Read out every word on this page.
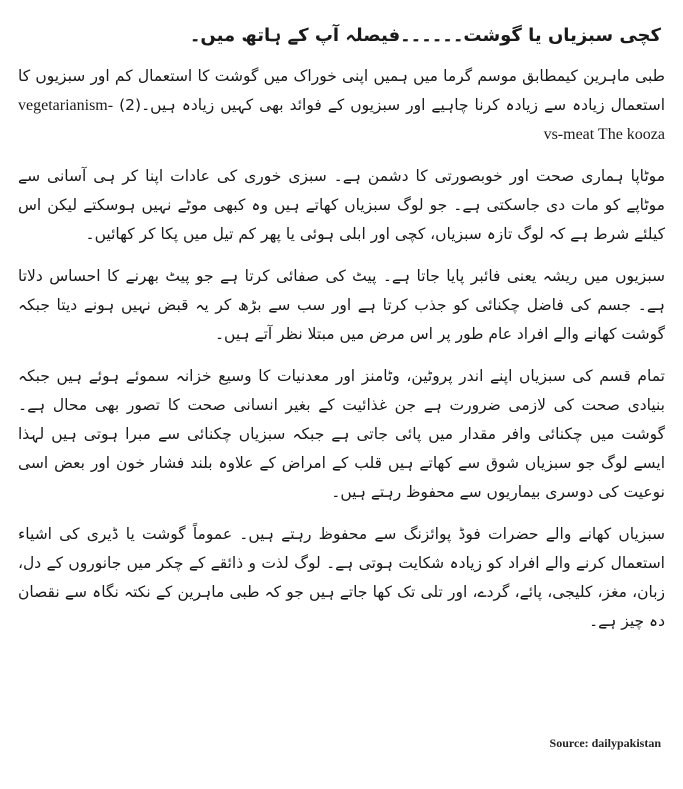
کچی سبزیاں یا گوشت۔۔۔۔۔۔فیصلہ آپ کے ہاتھ میں۔

طبی ماہرین کیمطابق موسم گرما میں ہمیں اپنی خوراک میں گوشت کا استعمال کم اور سبزیوں کا استعمال زیادہ سے زیادہ کرنا چاہیے اور سبزیوں کے فوائد بھی کہیں زیادہ ہیں۔(2) vegetarianism-vs-meat The kooza

موٹاپا ہماری صحت اور خوبصورتی کا دشمن ہے۔ سبزی خوری کی عادات اپنا کر ہی آسانی سے موٹاپے کو مات دی جاسکتی ہے۔ جو لوگ سبزیاں کھاتے ہیں وہ کبھی موٹے نہیں ہوسکتے لیکن اس کیلئے شرط ہے کہ لوگ تازہ سبزیاں، کچی اور ابلی ہوئی یا پھر کم تیل میں پکا کر کھائیں۔

سبزیوں میں ریشہ یعنی فائبر پایا جاتا ہے۔ پیٹ کی صفائی کرتا ہے جو پیٹ بھرنے کا احساس دلاتا ہے۔ جسم کی فاضل چکنائی کو جذب کرتا ہے اور سب سے بڑھ کر یہ قبض نہیں ہونے دیتا جبکہ گوشت کھانے والے افراد عام طور پر اس مرض میں مبتلا نظر آتے ہیں۔

تمام قسم کی سبزیاں اپنے اندر پروٹین، وٹامنز اور معدنیات کا وسیع خزانہ سموئے ہوئے ہیں جبکہ بنیادی صحت کی لازمی ضرورت ہے جن غذائیت کے بغیر انسانی صحت کا تصور بھی محال ہے۔ گوشت میں چکنائی وافر مقدار میں پائی جاتی ہے جبکہ سبزیاں چکنائی سے مبرا ہوتی ہیں لہذا ایسے لوگ جو سبزیاں شوق سے کھاتے ہیں قلب کے امراض کے علاوہ بلند فشار خون اور بعض اسی نوعیت کی دوسری بیماریوں سے محفوظ رہتے ہیں۔

سبزیاں کھانے والے حضرات فوڈ پوائزنگ سے محفوظ رہتے ہیں۔ عموماً گوشت یا ڈیری کی اشیاء استعمال کرنے والے افراد کو زیادہ شکایت ہوتی ہے۔ لوگ لذت و ذائقے کے چکر میں جانوروں کے دل، زبان، مغز، کلیجی، پائے، گردے، اور تلی تک کھا جاتے ہیں جو کہ طبی ماہرین کے نکتہ نگاہ سے نقصان دہ چیز ہے۔

Source: dailypakistan
